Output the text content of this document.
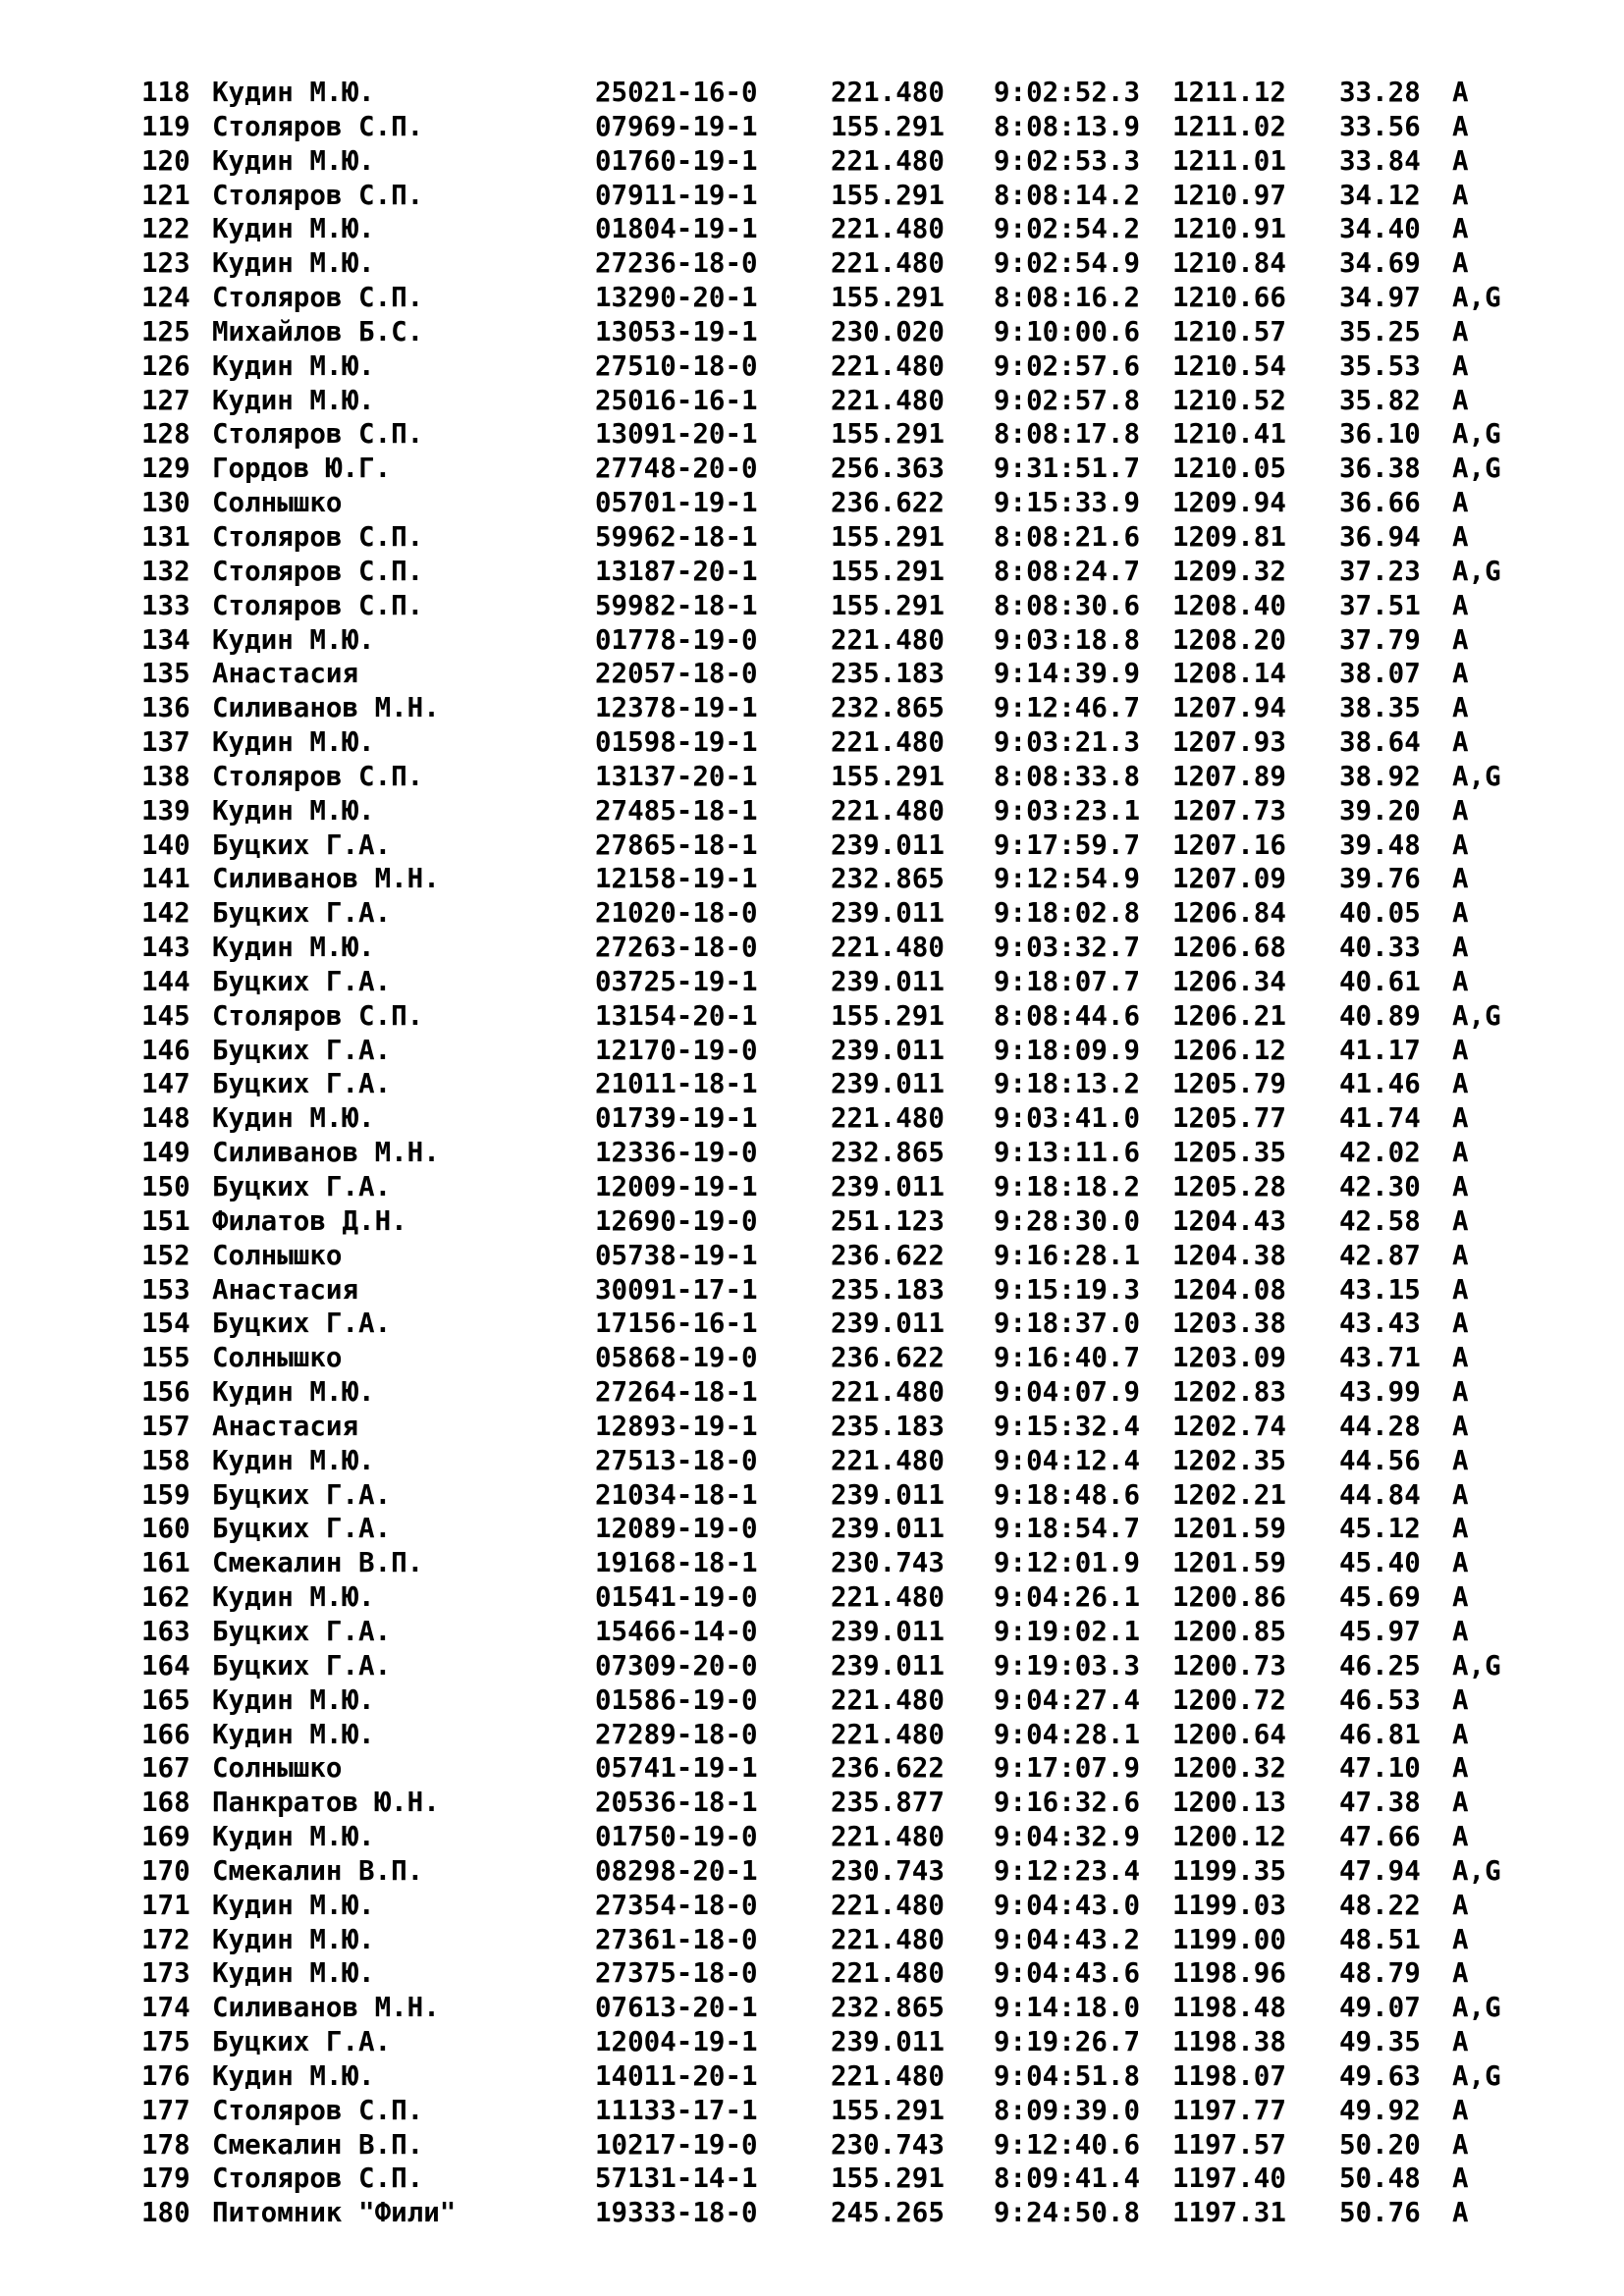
118 Кудин М.Ю.	25021-16-0	221.480 9:02:52.3 1211.12 33.28 A
119 Столяров С.П.	07969-19-1	155.291 8:08:13.9 1211.02 33.56 A
120 Кудин М.Ю.	01760-19-1	221.480 9:02:53.3 1211.01 33.84 A
121 Столяров С.П.	07911-19-1	155.291 8:08:14.2 1210.97 34.12 A
122 Кудин М.Ю.	01804-19-1	221.480 9:02:54.2 1210.91 34.40 A
123 Кудин М.Ю.	27236-18-0	221.480 9:02:54.9 1210.84 34.69 A
124 Столяров С.П.	13290-20-1	155.291 8:08:16.2 1210.66 34.97 A,G
125 Михайлов Б.С.	13053-19-1	230.020 9:10:00.6 1210.57 35.25 A
126 Кудин М.Ю.	27510-18-0	221.480 9:02:57.6 1210.54 35.53 A
127 Кудин М.Ю.	25016-16-1	221.480 9:02:57.8 1210.52 35.82 A
128 Столяров С.П.	13091-20-1	155.291 8:08:17.8 1210.41 36.10 A,G
129 Гордов Ю.Г.	27748-20-0	256.363 9:31:51.7 1210.05 36.38 A,G
130 Солнышко	05701-19-1	236.622 9:15:33.9 1209.94 36.66 A
131 Столяров С.П.	59962-18-1	155.291 8:08:21.6 1209.81 36.94 A
132 Столяров С.П.	13187-20-1	155.291 8:08:24.7 1209.32 37.23 A,G
133 Столяров С.П.	59982-18-1	155.291 8:08:30.6 1208.40 37.51 A
134 Кудин М.Ю.	01778-19-0	221.480 9:03:18.8 1208.20 37.79 A
135 Анастасия	22057-18-0	235.183 9:14:39.9 1208.14 38.07 A
136 Силиванов М.Н.	12378-19-1	232.865 9:12:46.7 1207.94 38.35 A
137 Кудин М.Ю.	01598-19-1	221.480 9:03:21.3 1207.93 38.64 A
138 Столяров С.П.	13137-20-1	155.291 8:08:33.8 1207.89 38.92 A,G
139 Кудин М.Ю.	27485-18-1	221.480 9:03:23.1 1207.73 39.20 A
140 Буцких Г.А.	27865-18-1	239.011 9:17:59.7 1207.16 39.48 A
141 Силиванов М.Н.	12158-19-1	232.865 9:12:54.9 1207.09 39.76 A
142 Буцких Г.А.	21020-18-0	239.011 9:18:02.8 1206.84 40.05 A
143 Кудин М.Ю.	27263-18-0	221.480 9:03:32.7 1206.68 40.33 A
144 Буцких Г.А.	03725-19-1	239.011 9:18:07.7 1206.34 40.61 A
145 Столяров С.П.	13154-20-1	155.291 8:08:44.6 1206.21 40.89 A,G
146 Буцких Г.А.	12170-19-0	239.011 9:18:09.9 1206.12 41.17 A
147 Буцких Г.А.	21011-18-1	239.011 9:18:13.2 1205.79 41.46 A
148 Кудин М.Ю.	01739-19-1	221.480 9:03:41.0 1205.77 41.74 A
149 Силиванов М.Н.	12336-19-0	232.865 9:13:11.6 1205.35 42.02 A
150 Буцких Г.А.	12009-19-1	239.011 9:18:18.2 1205.28 42.30 A
151 Филатов Д.Н.	12690-19-0	251.123 9:28:30.0 1204.43 42.58 A
152 Солнышко	05738-19-1	236.622 9:16:28.1 1204.38 42.87 A
153 Анастасия	30091-17-1	235.183 9:15:19.3 1204.08 43.15 A
154 Буцких Г.А.	17156-16-1	239.011 9:18:37.0 1203.38 43.43 A
155 Солнышко	05868-19-0	236.622 9:16:40.7 1203.09 43.71 A
156 Кудин М.Ю.	27264-18-1	221.480 9:04:07.9 1202.83 43.99 A
157 Анастасия	12893-19-1	235.183 9:15:32.4 1202.74 44.28 A
158 Кудин М.Ю.	27513-18-0	221.480 9:04:12.4 1202.35 44.56 A
159 Буцких Г.А.	21034-18-1	239.011 9:18:48.6 1202.21 44.84 A
160 Буцких Г.А.	12089-19-0	239.011 9:18:54.7 1201.59 45.12 A
161 Смекалин В.П.	19168-18-1	230.743 9:12:01.9 1201.59 45.40 A
162 Кудин М.Ю.	01541-19-0	221.480 9:04:26.1 1200.86 45.69 A
163 Буцких Г.А.	15466-14-0	239.011 9:19:02.1 1200.85 45.97 A
164 Буцких Г.А.	07309-20-0	239.011 9:19:03.3 1200.73 46.25 A,G
165 Кудин М.Ю.	01586-19-0	221.480 9:04:27.4 1200.72 46.53 A
166 Кудин М.Ю.	27289-18-0	221.480 9:04:28.1 1200.64 46.81 A
167 Солнышко	05741-19-1	236.622 9:17:07.9 1200.32 47.10 A
168 Панкратов Ю.Н.	20536-18-1	235.877 9:16:32.6 1200.13 47.38 A
169 Кудин М.Ю.	01750-19-0	221.480 9:04:32.9 1200.12 47.66 A
170 Смекалин В.П.	08298-20-1	230.743 9:12:23.4 1199.35 47.94 A,G
171 Кудин М.Ю.	27354-18-0	221.480 9:04:43.0 1199.03 48.22 A
172 Кудин М.Ю.	27361-18-0	221.480 9:04:43.2 1199.00 48.51 A
173 Кудин М.Ю.	27375-18-0	221.480 9:04:43.6 1198.96 48.79 A
174 Силиванов М.Н.	07613-20-1	232.865 9:14:18.0 1198.48 49.07 A,G
175 Буцких Г.А.	12004-19-1	239.011 9:19:26.7 1198.38 49.35 A
176 Кудин М.Ю.	14011-20-1	221.480 9:04:51.8 1198.07 49.63 A,G
177 Столяров С.П.	11133-17-1	155.291 8:09:39.0 1197.77 49.92 A
178 Смекалин В.П.	10217-19-0	230.743 9:12:40.6 1197.57 50.20 A
179 Столяров С.П.	57131-14-1	155.291 8:09:41.4 1197.40 50.48 A
180 Питомник "Фили"	19333-18-0	245.265 9:24:50.8 1197.31 50.76 A
